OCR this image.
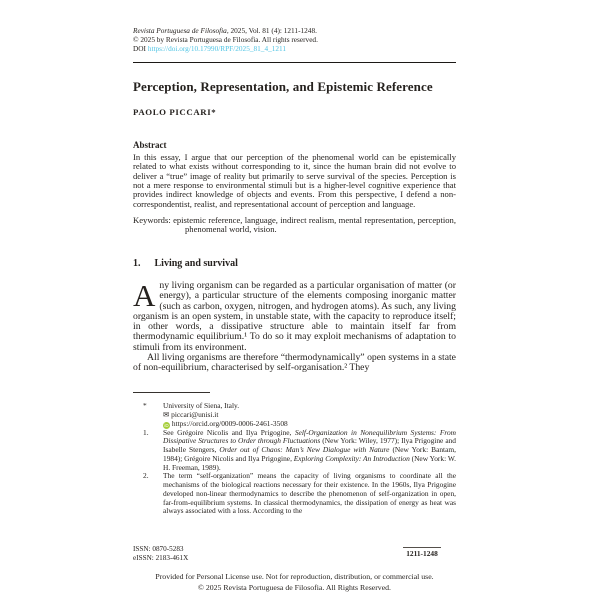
Revista Portuguesa de Filosofia, 2025, Vol. 81 (4): 1211-1248.
© 2025 by Revista Portuguesa de Filosofia. All rights reserved.
DOI https://doi.org/10.17990/RPF/2025_81_4_1211
Perception, Representation, and Epistemic Reference
PAOLO PICCARI*
Abstract
In this essay, I argue that our perception of the phenomenal world can be epistemically related to what exists without corresponding to it, since the human brain did not evolve to deliver a “true” image of reality but primarily to serve survival of the species. Perception is not a mere response to environmental stimuli but is a higher-level cognitive experience that provides indirect knowledge of objects and events. From this perspective, I defend a non-correspondentist, realist, and representational account of perception and language.
Keywords: epistemic reference, language, indirect realism, mental representation, perception, phenomenal world, vision.
1. Living and survival

Any living organism can be regarded as a particular organisation of matter (or energy), a particular structure of the elements composing inorganic matter (such as carbon, oxygen, nitrogen, and hydrogen atoms). As such, any living organism is an open system, in unstable state, with the capacity to reproduce itself; in other words, a dissipative structure able to maintain itself far from thermodynamic equilibrium.¹ To do so it may exploit mechanisms of adaptation to stimuli from its environment.

All living organisms are therefore “thermodynamically” open systems in a state of non-equilibrium, characterised by self-organisation.² They

*	University of Siena, Italy.
✉ piccari@unisi.it
iD https://orcid.org/0009-0006-2461-3508
1.	See Grégoire Nicolis and Ilya Prigogine, Self-Organization in Nonequilibrium Systems: From Dissipative Structures to Order through Fluctuations (New York: Wiley, 1977); Ilya Prigogine and Isabelle Stengers, Order out of Chaos: Man’s New Dialogue with Nature (New York: Bantam, 1984); Grégoire Nicolis and Ilya Prigogine, Exploring Complexity: An Introduction (New York: W. H. Freeman, 1989).
2.	The term “self-organization” means the capacity of living organisms to coordinate all the mechanisms of the biological reactions necessary for their existence. In the 1960s, Ilya Prigogine developed non-linear thermodynamics to describe the phenomenon of self-organization in open, far-from-equilibrium systems. In classical thermodynamics, the dissipation of energy as heat was always associated with a loss. According to the
ISSN: 0870-5283
eISSN: 2183-461X	1211-1248
Provided for Personal License use. Not for reproduction, distribution, or commercial use.
© 2025 Revista Portuguesa de Filosofia. All Rights Reserved.
